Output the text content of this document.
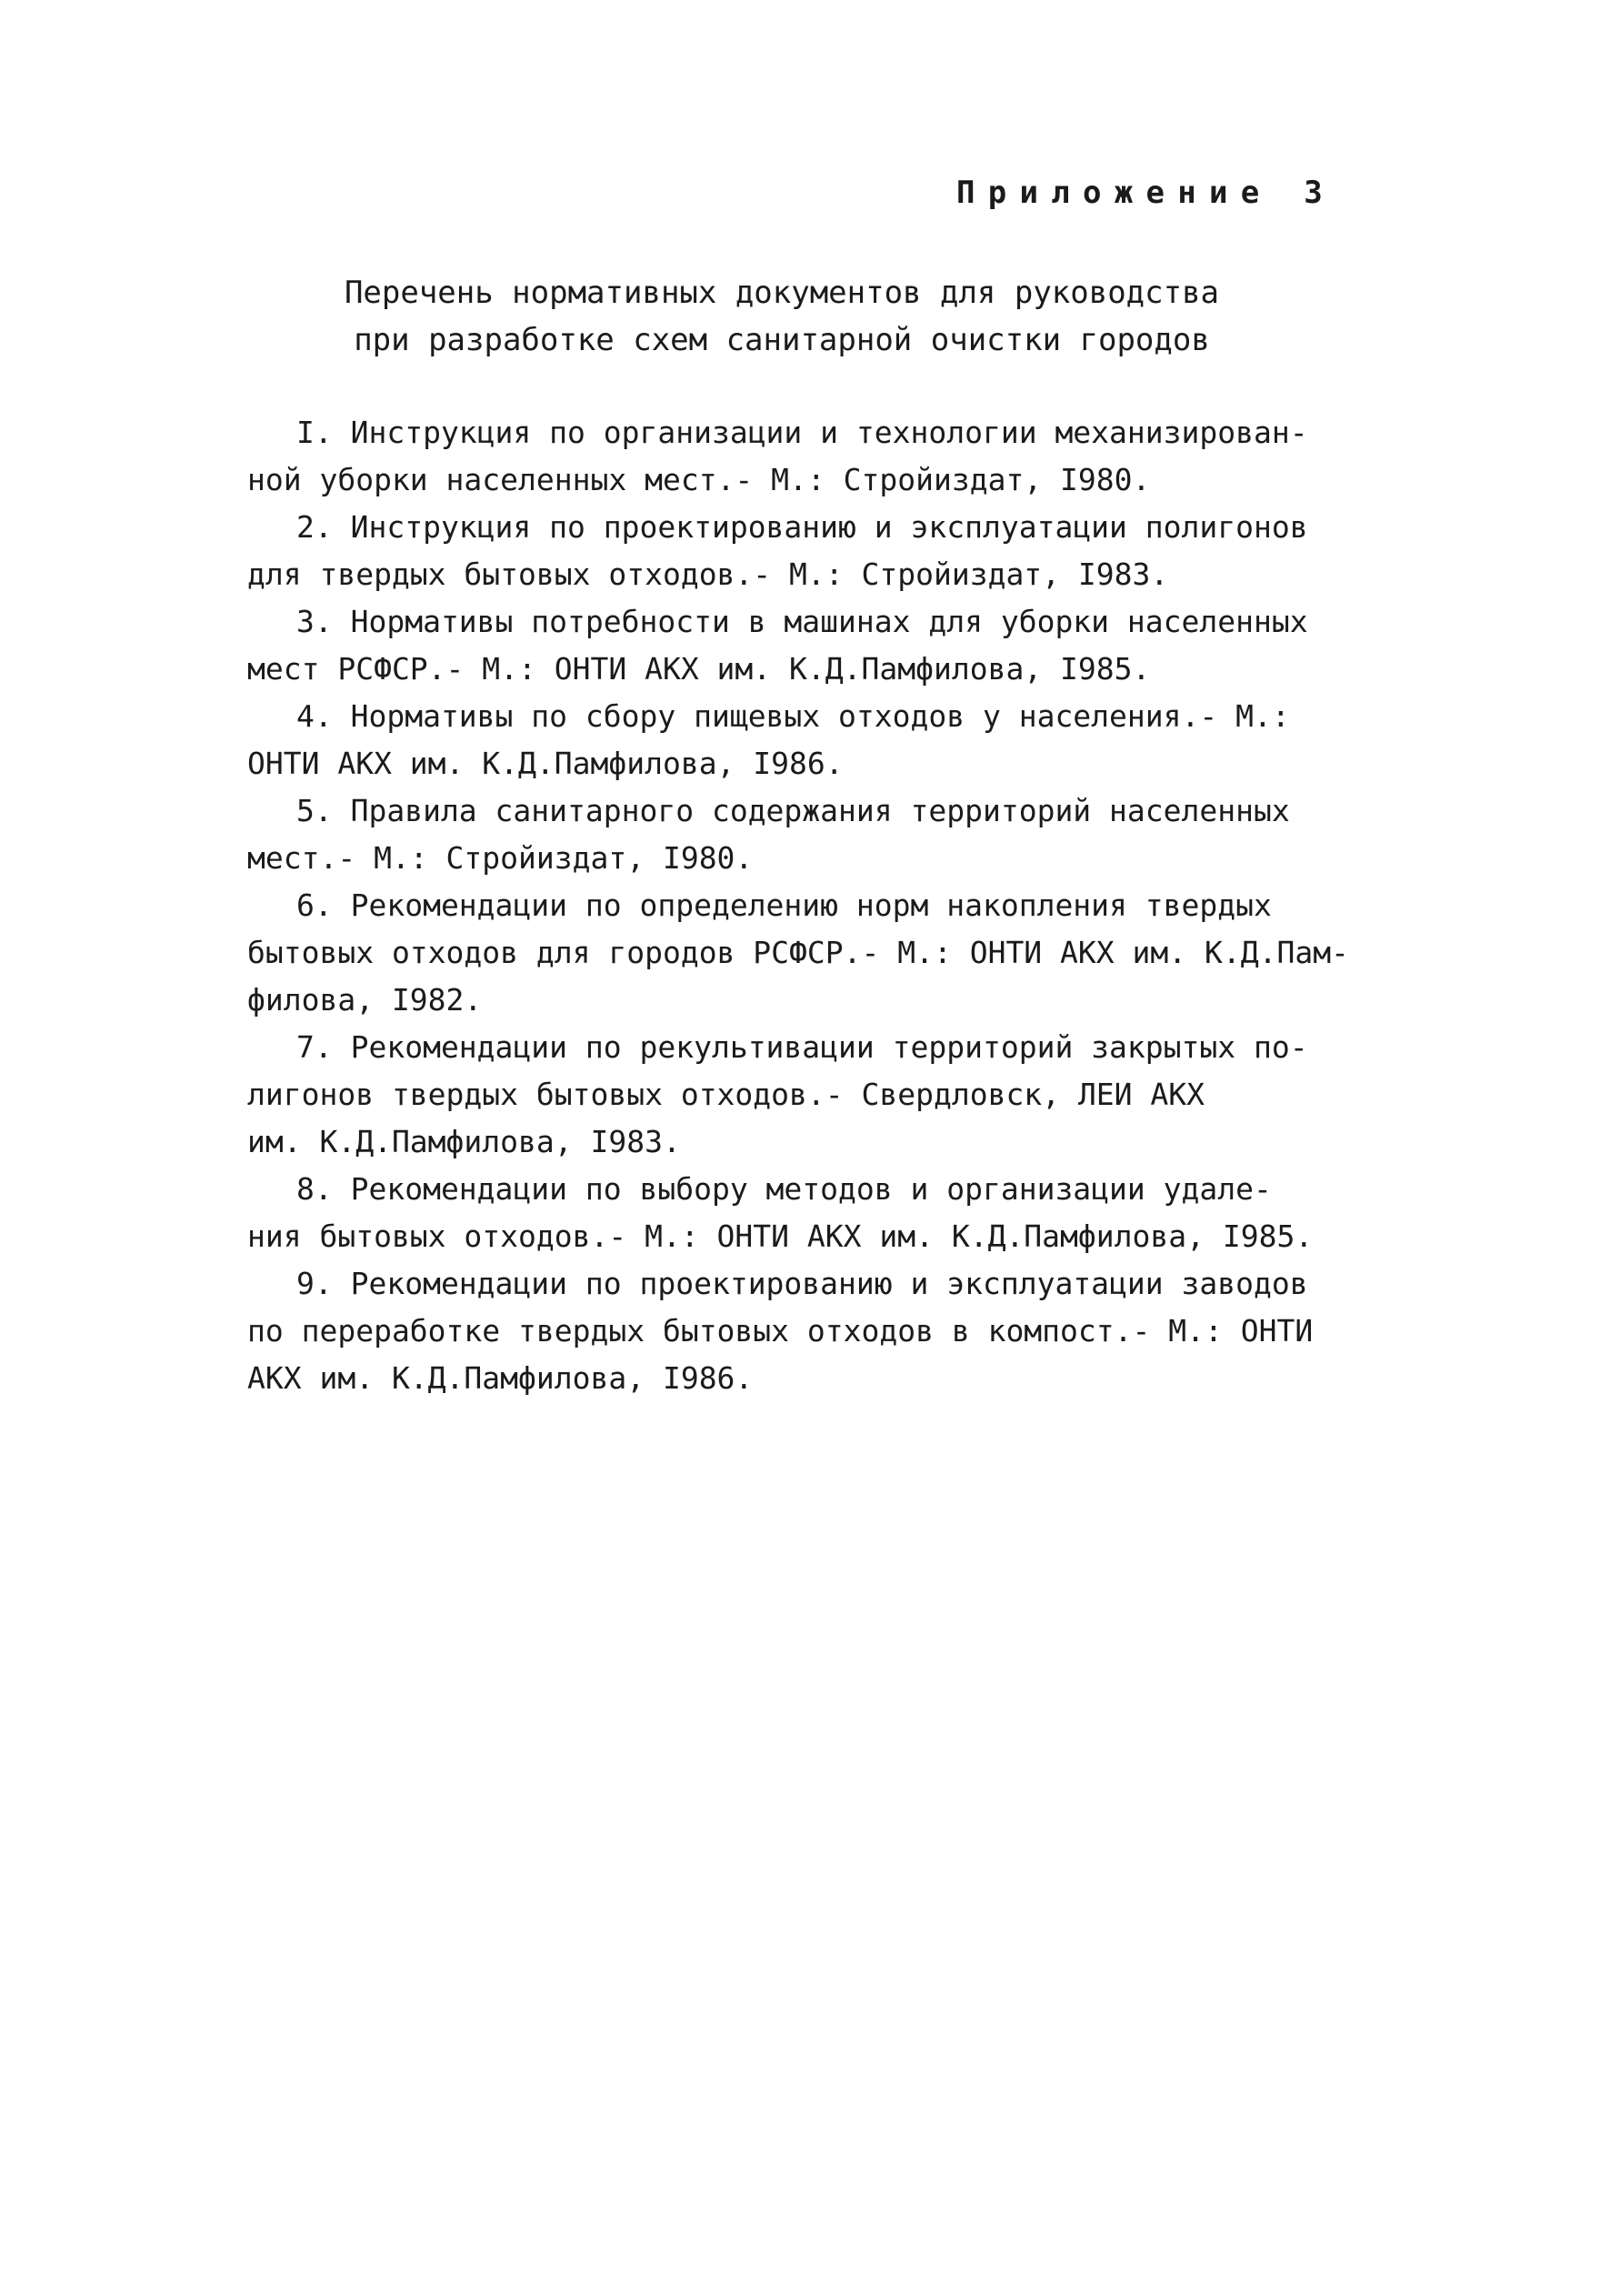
Приложение 3
Перечень нормативных документов для руководства
при разработке схем санитарной очистки городов
I. Инструкция по организации и технологии механизирован-
ной уборки населенных мест.- М.: Стройиздат, I980.
2. Инструкция по проектированию и эксплуатации полигонов
для твердых бытовых отходов.- М.: Стройиздат, I983.
3. Нормативы потребности в машинах для уборки населенных
мест РСФСР.- М.: ОНТИ АКХ им. К.Д.Памфилова, I985.
4. Нормативы по сбору пищевых отходов у населения.- М.:
ОНТИ АКХ им. К.Д.Памфилова, I986.
5. Правила санитарного содержания территорий населенных
мест.- М.: Стройиздат, I980.
6. Рекомендации по определению норм накопления твердых
бытовых отходов для городов РСФСР.- М.: ОНТИ АКХ им. К.Д.Пам-
филова, I982.
7. Рекомендации по рекультивации территорий закрытых по-
лигонов твердых бытовых отходов.- Свердловск, ЛЕИ АКХ
им. К.Д.Памфилова, I983.
8. Рекомендации по выбору методов и организации удале-
ния бытовых отходов.- М.: ОНТИ АКХ им. К.Д.Памфилова, I985.
9. Рекомендации по проектированию и эксплуатации заводов
по переработке твердых бытовых отходов в компост.- М.: ОНТИ
АКХ им. К.Д.Памфилова, I986.
